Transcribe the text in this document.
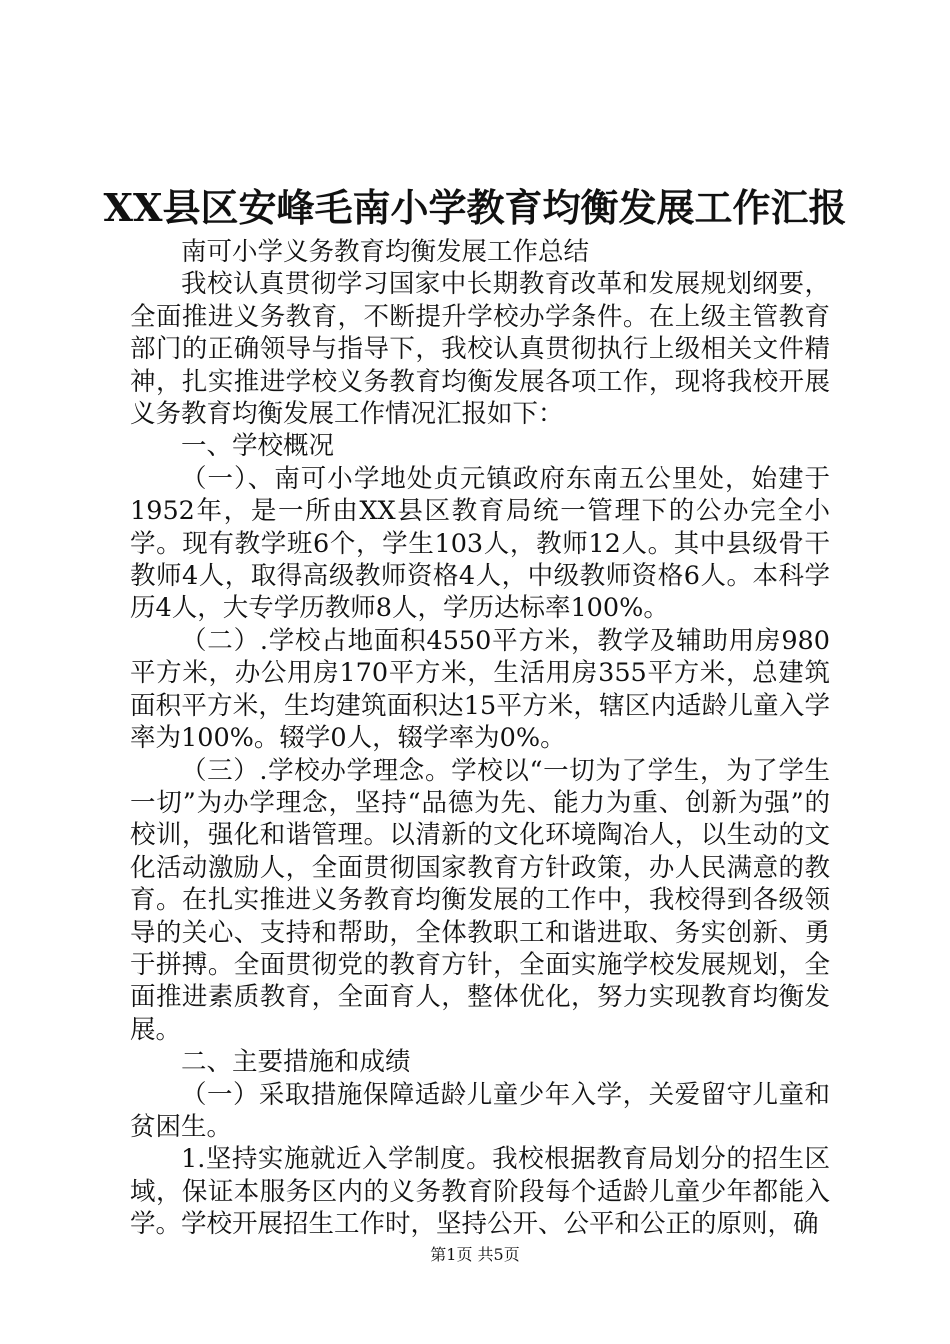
XX县区安峰毛南小学教育均衡发展工作汇报

南可小学义务教育均衡发展工作总结

我校认真贯彻学习国家中长期教育改革和发展规划纲要，全面推进义务教育，不断提升学校办学条件。在上级主管教育部门的正确领导与指导下，我校认真贯彻执行上级相关文件精神，扎实推进学校义务教育均衡发展各项工作，现将我校开展义务教育均衡发展工作情况汇报如下：

一、学校概况

（一）、南可小学地处贞元镇政府东南五公里处，始建于1952年，是一所由XX县区教育局统一管理下的公办完全小学。现有教学班6个，学生103人，教师12人。其中县级骨干教师4人，取得高级教师资格4人，中级教师资格6人。本科学历4人，大专学历教师8人，学历达标率100%。

（二）.学校占地面积4550平方米，教学及辅助用房980平方米，办公用房170平方米，生活用房355平方米，总建筑面积平方米，生均建筑面积达15平方米，辖区内适龄儿童入学率为100%。辍学0人，辍学率为0%。

（三）.学校办学理念。学校以“一切为了学生，为了学生一切”为办学理念，坚持“品德为先、能力为重、创新为强”的校训，强化和谐管理。以清新的文化环境陶冶人，以生动的文化活动激励人，全面贯彻国家教育方针政策，办人民满意的教育。在扎实推进义务教育均衡发展的工作中，我校得到各级领导的关心、支持和帮助，全体教职工和谐进取、务实创新、勇于拼搏。全面贯彻党的教育方针，全面实施学校发展规划，全面推进素质教育，全面育人，整体优化，努力实现教育均衡发展。

二、主要措施和成绩

（一）采取措施保障适龄儿童少年入学，关爱留守儿童和贫困生。

1.坚持实施就近入学制度。我校根据教育局划分的招生区域，保证本服务区内的义务教育阶段每个适龄儿童少年都能入学。学校开展招生工作时，坚持公开、公平和公正的原则，确

第1页 共5页
